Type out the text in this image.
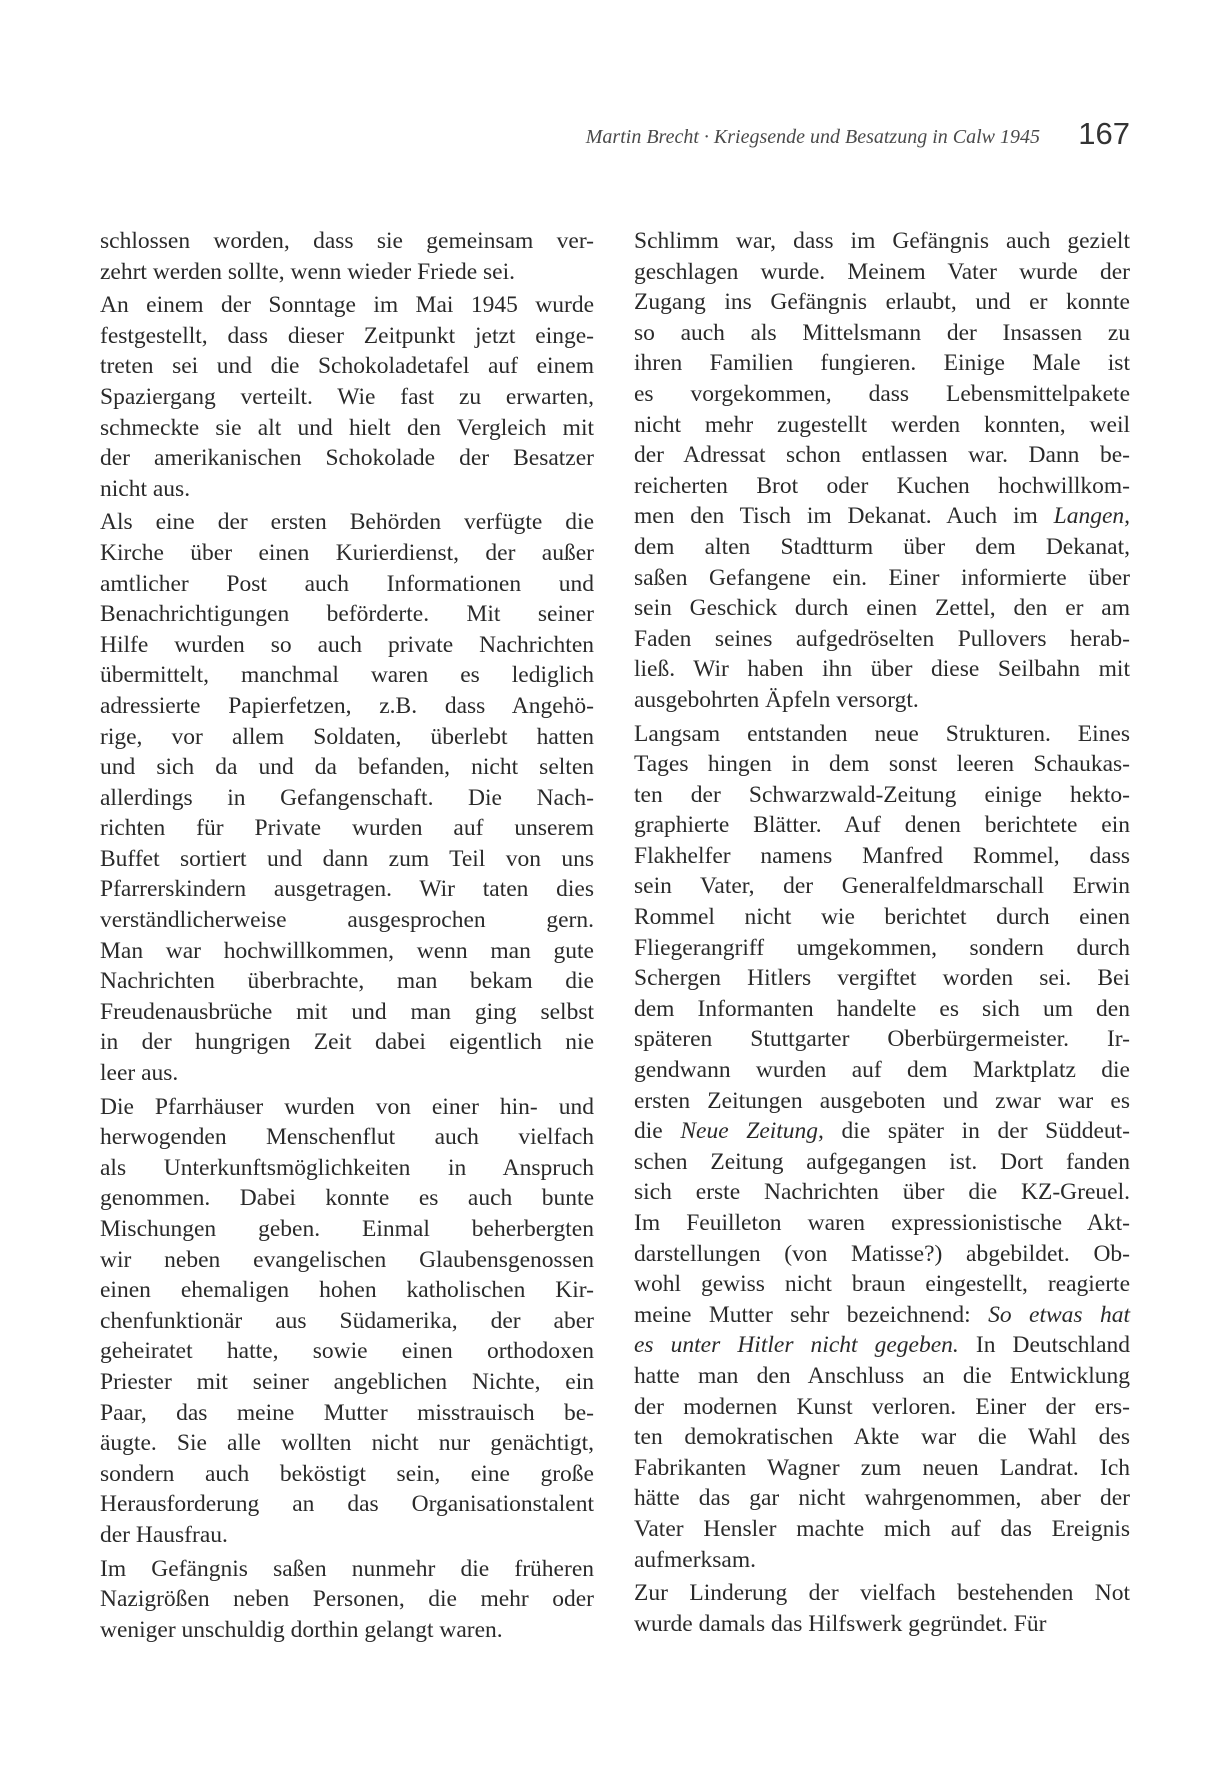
Martin Brecht · Kriegsende und Besatzung in Calw 1945 167

schlossen worden, dass sie gemeinsam ver-
zehrt werden sollte, wenn wieder Friede sei.

An einem der Sonntage im Mai 1945 wurde
festgestellt, dass dieser Zeitpunkt jetzt einge-
treten sei und die Schokoladetafel auf einem
Spaziergang verteilt. Wie fast zu erwarten,
schmeckte sie alt und hielt den Vergleich mit
der amerikanischen Schokolade der Besatzer
nicht aus.

Als eine der ersten Behörden verfügte die
Kirche über einen Kurierdienst, der außer
amtlicher Post auch Informationen und
Benachrichtigungen beförderte. Mit seiner
Hilfe wurden so auch private Nachrichten
übermittelt, manchmal waren es lediglich
adressierte Papierfetzen, z.B. dass Angehö-
rige, vor allem Soldaten, überlebt hatten
und sich da und da befanden, nicht selten
allerdings in Gefangenschaft. Die Nach-
richten für Private wurden auf unserem
Buffet sortiert und dann zum Teil von uns
Pfarrerskindern ausgetragen. Wir taten dies
verständlicherweise ausgesprochen gern.
Man war hochwillkommen, wenn man gute
Nachrichten überbrachte, man bekam die
Freudenausbrüche mit und man ging selbst
in der hungrigen Zeit dabei eigentlich nie
leer aus.

Die Pfarrhäuser wurden von einer hin- und
herwogenden Menschenflut auch vielfach
als Unterkunftsmöglichkeiten in Anspruch
genommen. Dabei konnte es auch bunte
Mischungen geben. Einmal beherbergten
wir neben evangelischen Glaubensgenossen
einen ehemaligen hohen katholischen Kir-
chenfunktionär aus Südamerika, der aber
geheiratet hatte, sowie einen orthodoxen
Priester mit seiner angeblichen Nichte, ein
Paar, das meine Mutter misstrauisch be-
äugte. Sie alle wollten nicht nur genächtigt,
sondern auch beköstigt sein, eine große
Herausforderung an das Organisationstalent
der Hausfrau.

Im Gefängnis saßen nunmehr die früheren
Nazigrößen neben Personen, die mehr oder
weniger unschuldig dorthin gelangt waren.

Schlimm war, dass im Gefängnis auch gezielt
geschlagen wurde. Meinem Vater wurde der
Zugang ins Gefängnis erlaubt, und er konnte
so auch als Mittelsmann der Insassen zu
ihren Familien fungieren. Einige Male ist
es vorgekommen, dass Lebensmittelpakete
nicht mehr zugestellt werden konnten, weil
der Adressat schon entlassen war. Dann be-
reicherten Brot oder Kuchen hochwillkom-
men den Tisch im Dekanat. Auch im Langen,
dem alten Stadtturm über dem Dekanat,
saßen Gefangene ein. Einer informierte über
sein Geschick durch einen Zettel, den er am
Faden seines aufgedröselten Pullovers herab-
ließ. Wir haben ihn über diese Seilbahn mit
ausgebohrten Äpfeln versorgt.

Langsam entstanden neue Strukturen. Eines
Tages hingen in dem sonst leeren Schaukas-
ten der Schwarzwald-Zeitung einige hekto-
graphierte Blätter. Auf denen berichtete ein
Flakhelfer namens Manfred Rommel, dass
sein Vater, der Generalfeldmarschall Erwin
Rommel nicht wie berichtet durch einen
Fliegerangriff umgekommen, sondern durch
Schergen Hitlers vergiftet worden sei. Bei
dem Informanten handelte es sich um den
späteren Stuttgarter Oberbürgermeister. Ir-
gendwann wurden auf dem Marktplatz die
ersten Zeitungen ausgeboten und zwar war es
die Neue Zeitung, die später in der Süddeut-
schen Zeitung aufgegangen ist. Dort fanden
sich erste Nachrichten über die KZ-Greuel.
Im Feuilleton waren expressionistische Akt-
darstellungen (von Matisse?) abgebildet. Ob-
wohl gewiss nicht braun eingestellt, reagierte
meine Mutter sehr bezeichnend: So etwas hat
es unter Hitler nicht gegeben. In Deutschland
hatte man den Anschluss an die Entwicklung
der modernen Kunst verloren. Einer der ers-
ten demokratischen Akte war die Wahl des
Fabrikanten Wagner zum neuen Landrat. Ich
hätte das gar nicht wahrgenommen, aber der
Vater Hensler machte mich auf das Ereignis
aufmerksam.

Zur Linderung der vielfach bestehenden Not
wurde damals das Hilfswerk gegründet. Für
